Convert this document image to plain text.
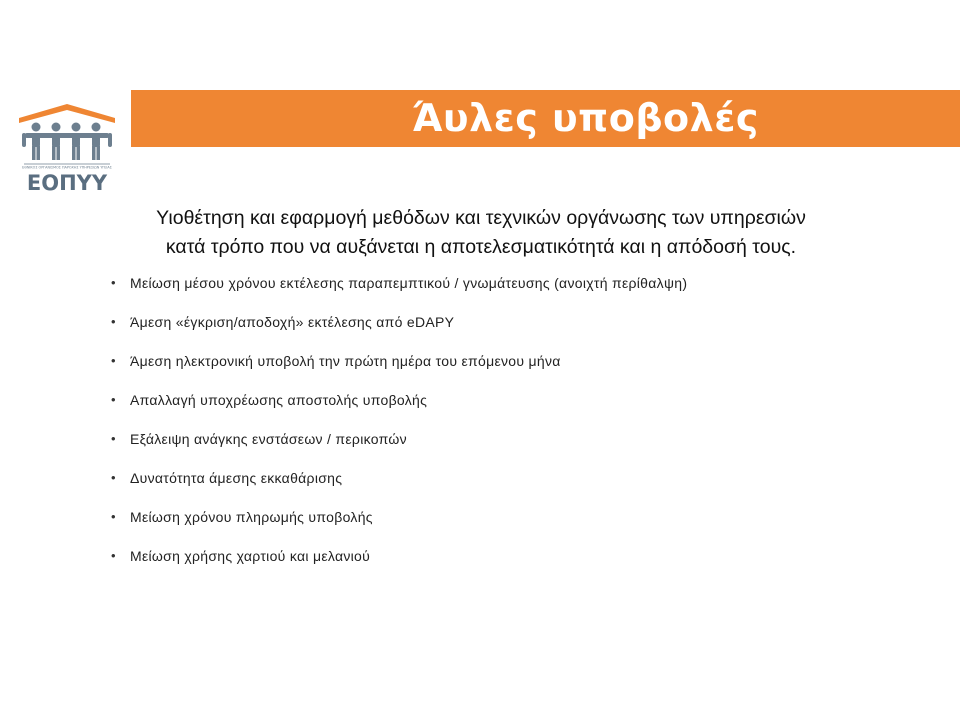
ΕΘΝΙΚΟΣ ΟΡΓΑΝΙΣΜΟΣ ΠΑΡΟΧΗΣ ΥΠΗΡΕΣΙΩΝ ΥΓΕΙΑΣ
ΕΟΠΥΥ
Άυλες υποβολές
Υιοθέτηση και εφαρμογή μεθόδων και τεχνικών οργάνωσης των υπηρεσιών
κατά τρόπο που να αυξάνεται η αποτελεσματικότητά και η απόδοσή τους.
• Μείωση μέσου χρόνου εκτέλεσης παραπεμπτικού / γνωμάτευσης (ανοιχτή περίθαλψη)
• Άμεση «έγκριση/αποδοχή» εκτέλεσης από eDAPY
• Άμεση ηλεκτρονική υποβολή την πρώτη ημέρα του επόμενου μήνα
• Απαλλαγή υποχρέωσης αποστολής υποβολής
• Εξάλειψη ανάγκης ενστάσεων / περικοπών
• Δυνατότητα άμεσης εκκαθάρισης
• Μείωση χρόνου πληρωμής υποβολής
• Μείωση χρήσης χαρτιού και μελανιού
